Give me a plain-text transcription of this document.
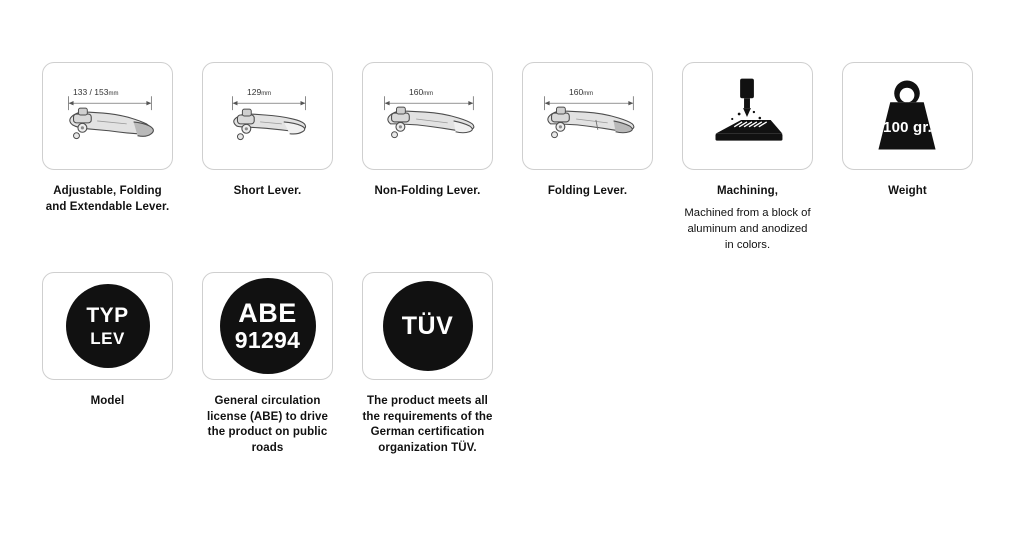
133 / 153mm
Adjustable, Folding and Extendable Lever.
129mm
Short Lever.
160mm
Non-Folding Lever.
160mm
Folding Lever.	Machining,
Machined from a block of aluminum and anodized in colors.
100 gr.
Weight
TYP
LEV
Model
ABE
91294
General circulation license (ABE) to drive the product on public roads
TÜV
The product meets all the requirements of the German certification organization TÜV.
